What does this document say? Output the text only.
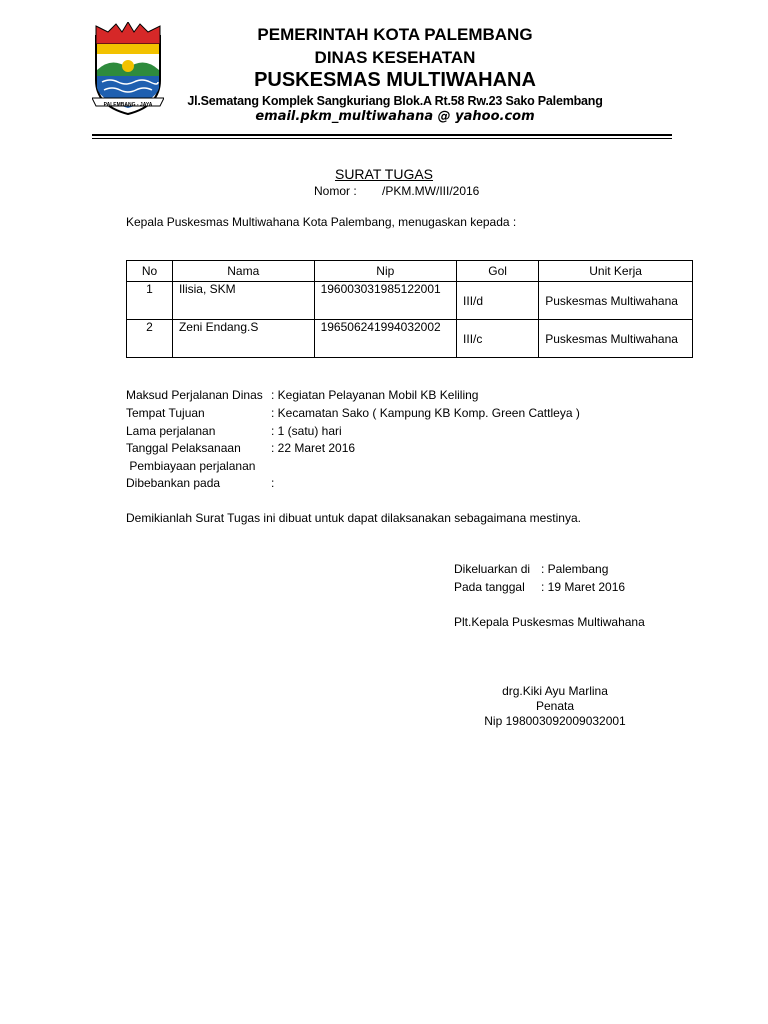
PALEMBANG - JAYA
PEMERINTAH KOTA PALEMBANG
DINAS KESEHATAN
PUSKESMAS MULTIWAHANA
Jl.Sematang Komplek Sangkuriang Blok.A Rt.58 Rw.23 Sako Palembang
email.pkm_multiwahana @ yahoo.com
SURAT TUGAS
Nomor : /PKM.MW/III/2016
Kepala Puskesmas Multiwahana Kota Palembang, menugaskan kepada :
No	Nama	Nip	Gol	Unit Kerja
1	Ilisia, SKM	196003031985122001	III/d	Puskesmas Multiwahana
2	Zeni Endang.S	196506241994032002	III/c	Puskesmas Multiwahana
Maksud Perjalanan Dinas : Kegiatan Pelayanan Mobil KB Keliling
Tempat Tujuan	: Kecamatan Sako ( Kampung KB Komp. Green Cattleya )
Lama perjalanan	: 1 (satu) hari
Tanggal Pelaksanaan	: 22 Maret 2016
Pembiayaan perjalanan
Dibebankan pada	:
Demikianlah Surat Tugas ini dibuat untuk dapat dilaksanakan sebagaimana mestinya.
Dikeluarkan di : Palembang
Pada tanggal : 19 Maret 2016
Plt.Kepala Puskesmas Multiwahana
drg.Kiki Ayu Marlina
Penata
Nip 198003092009032001
